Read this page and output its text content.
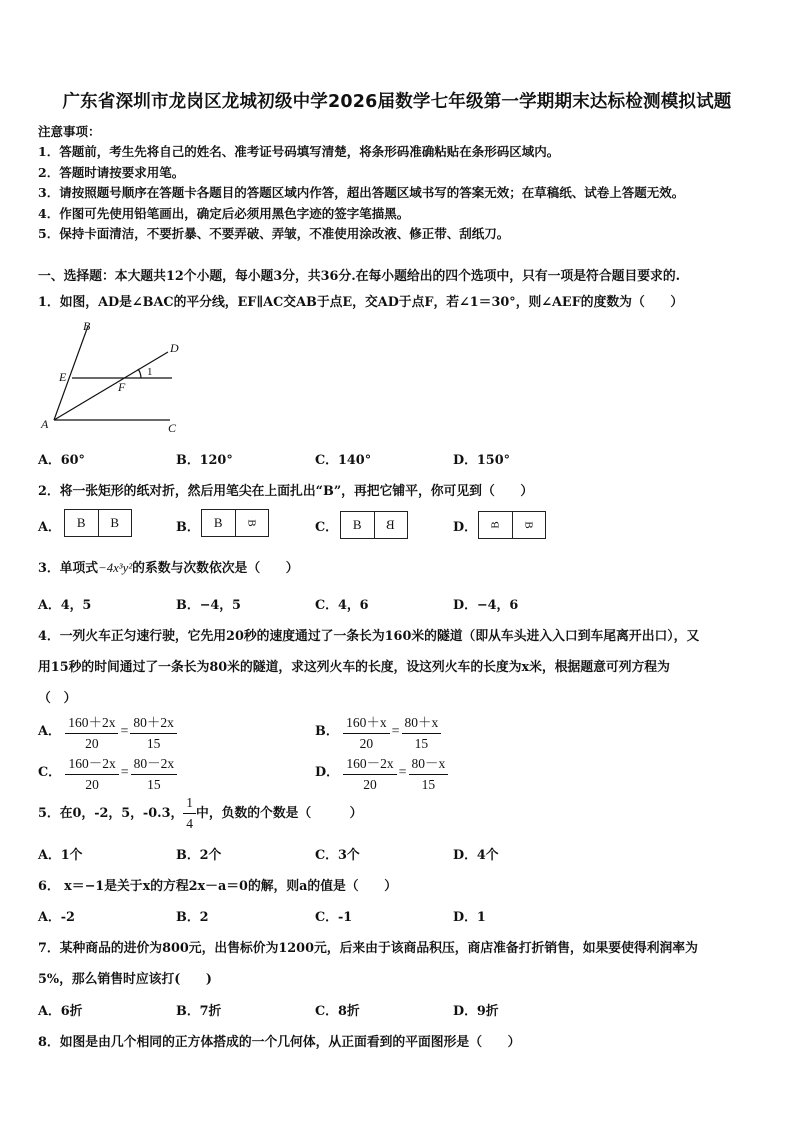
广东省深圳市龙岗区龙城初级中学2026届数学七年级第一学期期末达标检测模拟试题
注意事项：
1．答题前，考生先将自己的姓名、准考证号码填写清楚，将条形码准确粘贴在条形码区域内。
2．答题时请按要求用笔。
3．请按照题号顺序在答题卡各题目的答题区域内作答，超出答题区域书写的答案无效；在草稿纸、试卷上答题无效。
4．作图可先使用铅笔画出，确定后必须用黑色字迹的签字笔描黑。
5．保持卡面清洁，不要折暴、不要弄破、弄皱，不准使用涂改液、修正带、刮纸刀。
一、选择题：本大题共12个小题，每小题3分，共36分.在每小题给出的四个选项中，只有一项是符合题目要求的.
1．如图，AD是∠BAC的平分线，EF∥AC交AB于点E，交AD于点F，若∠1＝30°，则∠AEF的度数为（　　）
B
D
E
F
1
A	C
A．60°	B．120°	C．140°	D．150°
2．将一张矩形的纸对折，然后用笔尖在上面扎出“B”，再把它铺平，你可见到（　　）
A． B B	B． B B	C． B B	D． B B
3．单项式−4x³y²的系数与次数依次是（　　）
A．4，5	B．−4，5	C．4，6	D．−4，6
4．一列火车正匀速行驶，它先用20秒的速度通过了一条长为160米的隧道（即从车头进入入口到车尾离开出口），又
用15秒的时间通过了一条长为80米的隧道，求这列火车的长度，设这列火车的长度为x米，根据题意可列方程为
（　）
A． $\frac{160+2x}{20} = \frac{80+2x}{15}$	B． $\frac{160+x}{20} = \frac{80+x}{15}$
C． $\frac{160-2x}{20} = \frac{80-2x}{15}$	D． $\frac{160-2x}{20} = \frac{80-x}{15}$
5．在0，-2，5，-0.3， $\frac{1}{4}$ 中，负数的个数是（　　　）
A．1个	B．2个	C．3个	D．4个
6． x＝−1是关于x的方程2x－a＝0的解，则a的值是（　　）
A．-2	B．2	C．-1	D．1
7．某种商品的进价为800元，出售标价为1200元，后来由于该商品积压，商店准备打折销售，如果要使得利润率为
5%，那么销售时应该打(　　)
A．6折	B．7折	C．8折	D．9折
8．如图是由几个相同的正方体搭成的一个几何体，从正面看到的平面图形是（　　）
